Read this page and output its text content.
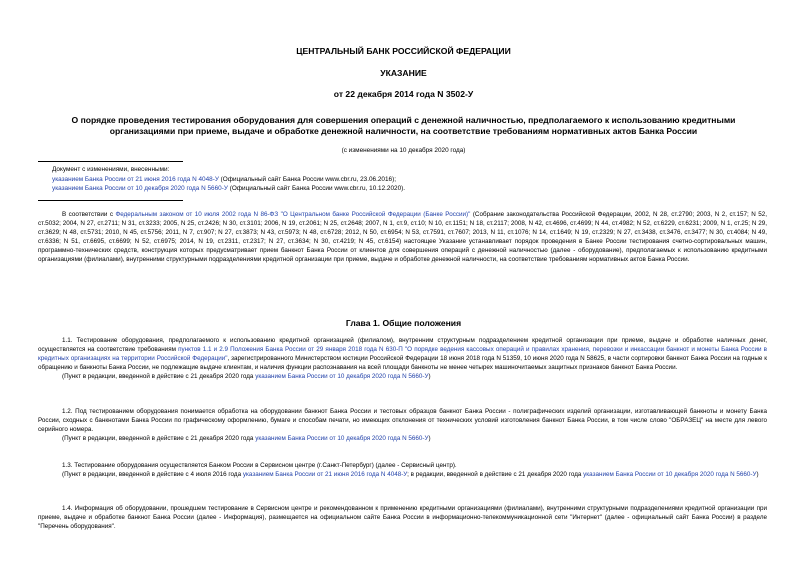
ЦЕНТРАЛЬНЫЙ БАНК РОССИЙСКОЙ ФЕДЕРАЦИИ
УКАЗАНИЕ
от 22 декабря 2014 года N 3502-У
О порядке проведения тестирования оборудования для совершения операций с денежной наличностью, предполагаемого к использованию кредитными
организациями при приеме, выдаче и обработке денежной наличности, на соответствие требованиям нормативных актов Банка России
(с изменениями на 10 декабря 2020 года)
Документ с изменениями, внесенными:
указанием Банка России от 21 июня 2016 года N 4048-У (Официальный сайт Банка России www.cbr.ru, 23.06.2016);
указанием Банка России от 10 декабря 2020 года N 5660-У (Официальный сайт Банка России www.cbr.ru, 10.12.2020).
В соответствии с Федеральным законом от 10 июля 2002 года N 86-ФЗ "О Центральном банке Российской Федерации (Банке России)" (Собрание законодательства Российской Федерации, 2002, N 28, ст.2790; 2003, N 2, ст.157; N 52, ст.5032; 2004, N 27, ст.2711; N 31, ст.3233; 2005, N 25, ст.2426; N 30, ст.3101; 2006, N 19, ст.2061; N 25, ст.2648; 2007, N 1, ст.9, ст.10; N 10, ст.1151; N 18, ст.2117; 2008, N 42, ст.4696, ст.4699; N 44, ст.4982; N 52, ст.6229, ст.6231; 2009, N 1, ст.25; N 29, ст.3629; N 48, ст.5731; 2010, N 45, ст.5756; 2011, N 7, ст.907; N 27, ст.3873; N 43, ст.5973; N 48, ст.6728; 2012, N 50, ст.6954; N 53, ст.7591, ст.7607; 2013, N 11, ст.1076; N 14, ст.1649; N 19, ст.2329; N 27, ст.3438, ст.3476, ст.3477; N 30, ст.4084; N 49, ст.6336; N 51, ст.6695, ст.6699; N 52, ст.6975; 2014, N 19, ст.2311, ст.2317; N 27, ст.3634; N 30, ст.4219; N 45, ст.6154) настоящее Указание устанавливает порядок проведения в Банке России тестирования счетно-сортировальных машин, программно-технических средств, конструкция которых предусматривает прием банкнот Банка России от клиентов для совершения операций с денежной наличностью (далее - оборудование), предполагаемых к использованию кредитными организациями (филиалами), внутренними структурными подразделениями кредитной организации при приеме, выдаче и обработке денежной наличности, на соответствие требованиям нормативных актов Банка России.
Глава 1. Общие положения
1.1. Тестирование оборудования, предполагаемого к использованию кредитной организацией (филиалом), внутренним структурным подразделением кредитной организации при приеме, выдаче и обработке наличных денег, осуществляется на соответствие требованиям пунктов 1.1 и 2.9 Положения Банка России от 29 января 2018 года N 630-П "О порядке ведения кассовых операций и правилах хранения, перевозки и инкассации банкнот и монеты Банка России в кредитных организациях на территории Российской Федерации", зарегистрированного Министерством юстиции Российской Федерации 18 июня 2018 года N 51359, 10 июня 2020 года N 58625, в части сортировки банкнот Банка России на годные к обращению и банкноты Банка России, не подлежащие выдаче клиентам, и наличия функции распознавания на всей площади банкноты не менее четырех машиночитаемых защитных признаков банкнот Банка России.
(Пункт в редакции, введенной в действие с 21 декабря 2020 года указанием Банка России от 10 декабря 2020 года N 5660-У)
1.2. Под тестированием оборудования понимается обработка на оборудовании банкнот Банка России и тестовых образцов банкнот Банка России - полиграфических изделий организации, изготавливающей банкноты и монету Банка России, сходных с банкнотами Банка России по графическому оформлению, бумаге и способам печати, но имеющих отклонения от технических условий изготовления банкнот Банка России, в том числе слово "ОБРАЗЕЦ" на месте для левого серийного номера.
(Пункт в редакции, введенной в действие с 21 декабря 2020 года указанием Банка России от 10 декабря 2020 года N 5660-У)
1.3. Тестирование оборудования осуществляется Банком России в Сервисном центре (г.Санкт-Петербург) (далее - Сервисный центр).
(Пункт в редакции, введенной в действие с 4 июля 2016 года указанием Банка России от 21 июня 2016 года N 4048-У; в редакции, введенной в действие с 21 декабря 2020 года указанием Банка России от 10 декабря 2020 года N 5660-У)
1.4. Информация об оборудовании, прошедшем тестирование в Сервисном центре и рекомендованном к применению кредитными организациями (филиалами), внутренними структурными подразделениями кредитной организации при приеме, выдаче и обработке банкнот Банка России (далее - Информация), размещается на официальном сайте Банка России в информационно-телекоммуникационной сети "Интернет" (далее - официальный сайт Банка России) в разделе "Перечень оборудования".
